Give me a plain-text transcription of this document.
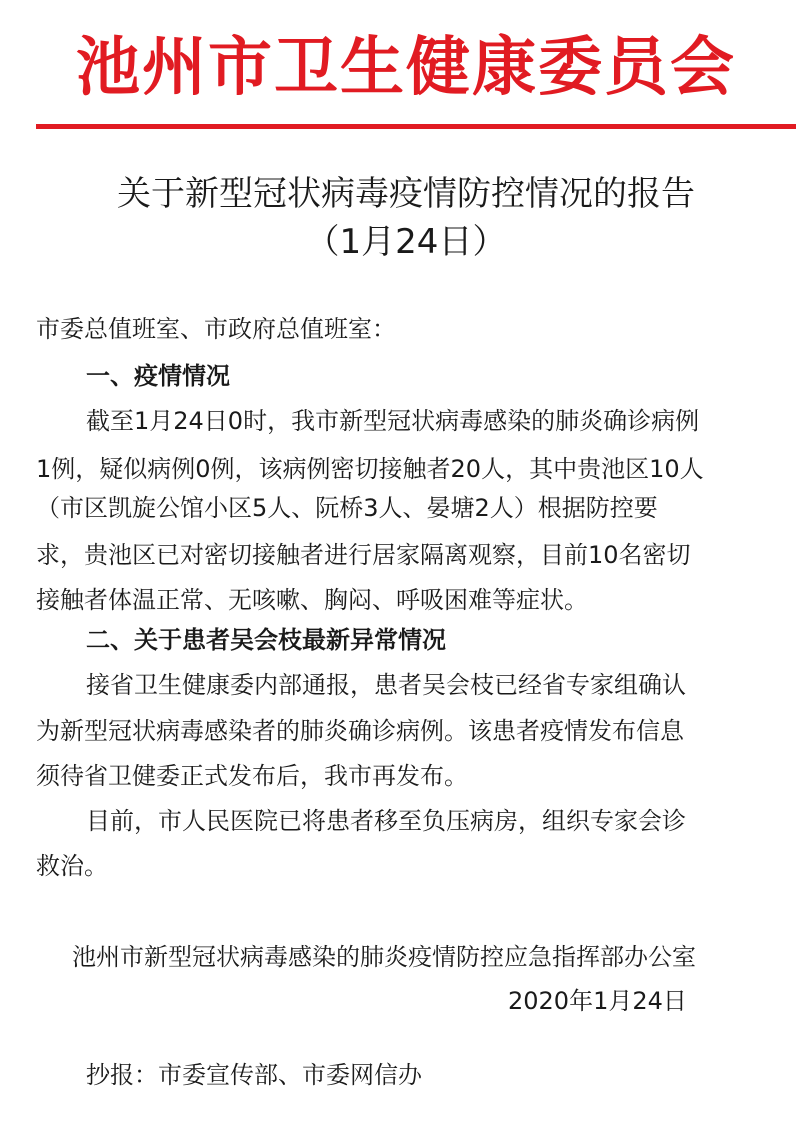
池州市卫生健康委员会
关于新型冠状病毒疫情防控情况的报告
（1月24日）
市委总值班室、市政府总值班室：
一、疫情情况
截至1月24日0时，我市新型冠状病毒感染的肺炎确诊病例
1例，疑似病例0例，该病例密切接触者20人，其中贵池区10人
（市区凯旋公馆小区5人、阮桥3人、晏塘2人）根据防控要
求，贵池区已对密切接触者进行居家隔离观察，目前10名密切
接触者体温正常、无咳嗽、胸闷、呼吸困难等症状。
二、关于患者吴会枝最新异常情况
接省卫生健康委内部通报，患者吴会枝已经省专家组确认
为新型冠状病毒感染者的肺炎确诊病例。该患者疫情发布信息
须待省卫健委正式发布后，我市再发布。
目前，市人民医院已将患者移至负压病房，组织专家会诊
救治。
池州市新型冠状病毒感染的肺炎疫情防控应急指挥部办公室
2020年1月24日
抄报：市委宣传部、市委网信办
